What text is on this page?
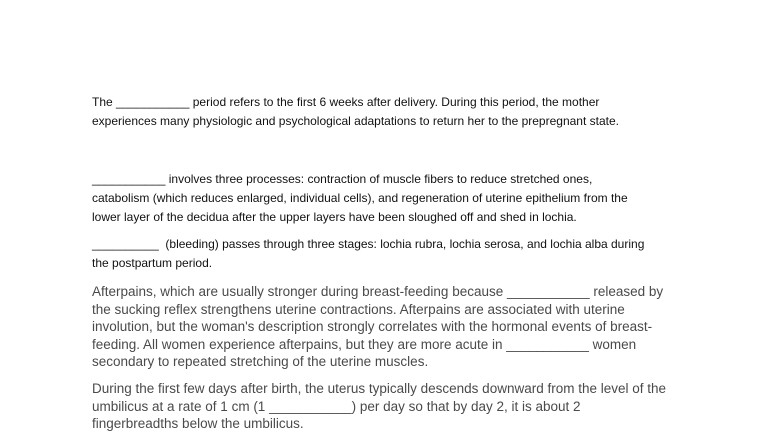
The ___________ period refers to the first 6 weeks after delivery. During this period, the mother
experiences many physiologic and psychological adaptations to return her to the prepregnant state.

___________ involves three processes: contraction of muscle fibers to reduce stretched ones,
catabolism (which reduces enlarged, individual cells), and regeneration of uterine epithelium from the
lower layer of the decidua after the upper layers have been sloughed off and shed in lochia.

__________  (bleeding) passes through three stages: lochia rubra, lochia serosa, and lochia alba during
the postpartum period.

Afterpains, which are usually stronger during breast-feeding because ___________ released by
the sucking reflex strengthens uterine contractions. Afterpains are associated with uterine
involution, but the woman's description strongly correlates with the hormonal events of breast-
feeding. All women experience afterpains, but they are more acute in ___________ women
secondary to repeated stretching of the uterine muscles.

During the first few days after birth, the uterus typically descends downward from the level of the
umbilicus at a rate of 1 cm (1 ___________) per day so that by day 2, it is about 2
fingerbreadths below the umbilicus.
